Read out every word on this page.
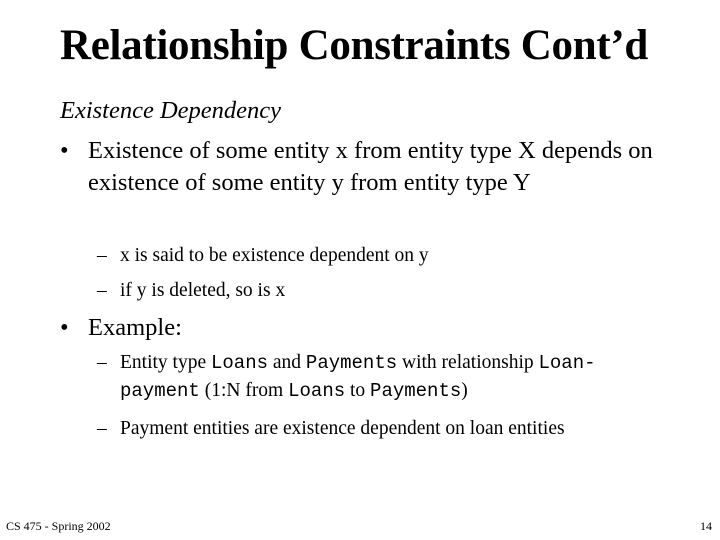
Relationship Constraints Cont’d
Existence Dependency
• Existence of some entity x from entity type X depends on existence of some entity y from entity type Y
– x is said to be existence dependent on y
– if y is deleted, so is x
• Example:
– Entity type Loans and Payments with relationship Loan-payment (1:N from Loans to Payments)
– Payment entities are existence dependent on loan entities
CS 475 - Spring 2002	14
